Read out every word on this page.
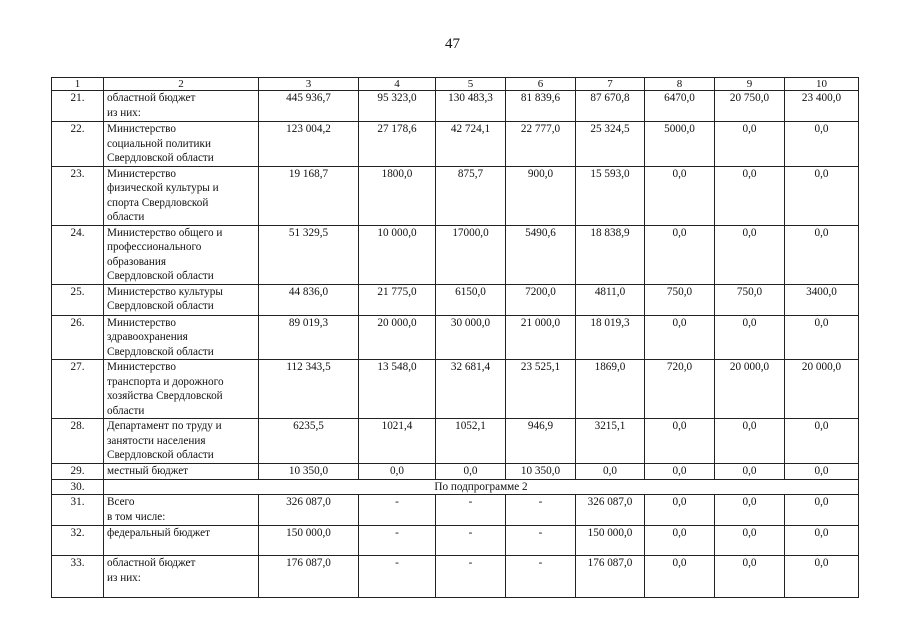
47
1	2	3	4	5	6	7	8	9	10
21.	областной бюджет
из них:	445 936,7	95 323,0	130 483,3	81 839,6	87 670,8	6470,0	20 750,0	23 400,0
22.	Министерство
социальной политики
Свердловской области	123 004,2	27 178,6	42 724,1	22 777,0	25 324,5	5000,0	0,0	0,0
23.	Министерство
физической культуры и
спорта Свердловской
области	19 168,7	1800,0	875,7	900,0	15 593,0	0,0	0,0	0,0
24.	Министерство общего и
профессионального
образования
Свердловской области	51 329,5	10 000,0	17000,0	5490,6	18 838,9	0,0	0,0	0,0
25.	Министерство культуры
Свердловской области	44 836,0	21 775,0	6150,0	7200,0	4811,0	750,0	750,0	3400,0
26.	Министерство
здравоохранения
Свердловской области	89 019,3	20 000,0	30 000,0	21 000,0	18 019,3	0,0	0,0	0,0
27.	Министерство
транспорта и дорожного
хозяйства Свердловской
области	112 343,5	13 548,0	32 681,4	23 525,1	1869,0	720,0	20 000,0	20 000,0
28.	Департамент по труду и
занятости населения
Свердловской области	6235,5	1021,4	1052,1	946,9	3215,1	0,0	0,0	0,0
29.	местный бюджет	10 350,0	0,0	0,0	10 350,0	0,0	0,0	0,0	0,0
30.	По подпрограмме 2								
31.	Всего
в том числе:	326 087,0	-	-	-	326 087,0	0,0	0,0	0,0
32.	федеральный бюджет	150 000,0	-	-	-	150 000,0	0,0	0,0	0,0
33.	областной бюджет
из них:	176 087,0	-	-	-	176 087,0	0,0	0,0	0,0
